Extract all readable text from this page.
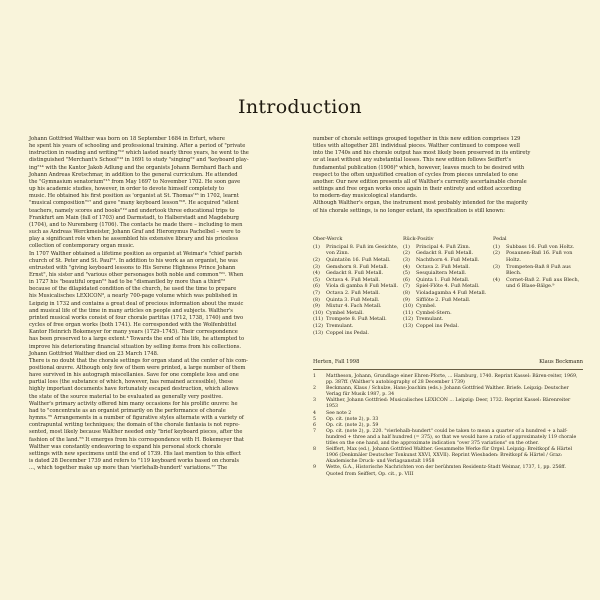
Introduction

Johann Gottfried Walther was born on 18 September 1684 in Erfurt, where

he spent his years of schooling and professional training. After a period of "private

instruction in reading and writing"¹² which lasted nearly three years, he went to the

distinguished "Merchant's School"¹³ in 1691 to study "singing"² and "keyboard play-

ing"¹⁴ with the Kantor Jakob Adlung and the organists Johann Bernhard Bach and

Johann Andreas Kretschmar, in addition to the general curriculum. He attended

the "Gymnasium senatorium"¹⁵ from May 1697 to November 1702. He soon gave

up his academic studies, however, in order to devote himself completely to

music. He obtained his first position as 'organist at St. Thomas'¹⁶ in 1702, learnt

"musical composition"¹⁷ and gave "many keyboard lesson"¹⁸. He acquired "silent

teachers, namely scores and books"¹⁹ and undertook three educational trips to

Frankfurt am Main (fall of 1703) and Darmstadt, to Halberstadt and Magdeburg

(1704), and to Nuremberg (1706). The contacts he made there – including to men

such as Andreas Werckmeister, Johann Graf and Hieronymus Pachelbel – were to

play a significant role when he assembled his extensive library and his priceless

collection of contemporary organ music.

In 1707 Walther obtained a lifetime position as organist at Weimar's "chief parish

church of St. Peter and St. Paul"². In addition to his work as an organist, he was

entrusted with "giving keyboard lessons to His Serene Highness Prince Johann

Ernst", his sister and "various other personages both noble and common"²¹. When

in 1727 his "beautiful organ"² had to be "dismantled by more than a third"²

because of the dilapidated condition of the church, he used the time to prepare

his Musicalisches LEXICON³, a nearly 700-page volume which was published in

Leipzig in 1732 and contains a great deal of precious information about the music

and musical life of the time in many articles on people and subjects. Walther's

printed musical works consist of four chorale partitas (1712, 1738, 1740) and two

cycles of free organ works (both 1741). He corresponded with the Wolfenbüttel

Kantor Heinrich Bokemeyer for many years (1729–1745). Their correspondence

has been preserved to a large extent.⁴ Towards the end of his life, he attempted to

improve his deteriorating financial situation by selling items from his collections.

Johann Gottfried Walther died on 23 March 1748.

There is no doubt that the chorale settings for organ stand at the center of his com-

positional œuvre. Although only few of them were printed, a large number of them

have survived in his autograph miscellanies. Save for one complete loss and one

partial loss (the substance of which, however, has remained accessible), these

highly important documents have fortunately escaped destruction, which allows

the state of the source material to be evaluated as generally very positive.

Walther's primary activity offered him many occasions for his prolific œuvre: he

had to "concentrate as an organist primarily on the performance of chorale

hymns."⁵ Arrangements in a number of figurative styles alternate with a variety of

contrapuntal writing techniques; the domain of the chorale fantasia is not repre-

sented, most likely because Walther needed only "brief keyboard pieces, after the

fashion of the land."⁶ It emerges from his correspondence with H. Bokemeyer that

Walther was constantly endeavoring to expand his personal stock chorale

settings with new specimens until the end of 1739. His last mention to this effect

is dated 28 December 1739 and refers to "119 keyboard works based on chorals

..., which together make up more than 'vierlehalb-hundert' variations."⁷ The

number of chorale settings grouped together in this new edition comprises 129

titles with altogether 281 individual pieces. Walther continued to compose well

into the 1740s and his chorale output has most likely been preserved in its entirety

or at least without any substantial losses. This new edition follows Seiffert's

fundamental publication (1906)⁸ which, however, leaves much to be desired with

respect to the often unjustified creation of cycles from pieces unrelated to one

another. Our new edition presents all of Walther's currently ascertainable chorale

settings and free organ works once again in their entirety and edited according

to modern-day musicological standards.

Although Walther's organ, the instrument most probably intended for the majority

of his chorale settings, is no longer extant, its specification is still known:

Ober-Werck
(1)	Principal 8. Fuß im Gesichte, von Zinn.
(2)	Quintatön 16. Fuß Metall.
(3)	Gemshorn 8. Fuß Metall.
(4)	Gedackt 8. Fuß Metall.
(5)	Octava 4. Fuß Metall.
(6)	Viola di gamba 8 Fuß Metall.
(7)	Octava 2. Fuß Metall.
(8)	Quinta 3. Fuß Metall.
(9)	Mixtur 4. Fach Metall.
(10) Cymbel Metall.
(11) Trompete 8. Fuß Metall.
(12) Tremulant.
(13) Coppel ins Pedal.
Rück-Positiv
(1)	Principal 4. Fuß Zinn.
(2)	Gedackt 8. Fuß Metall.
(3)	Nachthorn 4. Fuß Metall.
(4)	Octava 2. Fuß Metall.
(5)	Sesquialtera Metall.
(6)	Quinta 1. Fuß Metall.
(7)	Spiel-Flöte 4. Fuß Metall.
(8)	Violadagamba 4 Fuß Metall.
(9)	Sifflöte 2. Fuß Metall.
(10) Cymbel.
(11) Cymbel-Stern.
(12) Tremulant.
(13) Coppel ins Pedal.
Pedal
(1)	Subbass 16. Fuß von Holtz.
(2)	Posaunen-Baß 16. Fuß von Holtz.
(3)	Trompeten-Baß 8 Fuß aus Blech.
(4)	Cornet-Baß 2. Fuß aus Blech, und 6 Blase-Bälge.⁹
Herten, Fall 1998	Klaus Beckmann
1	Mattheson, Johann, Grundlage einer Ehren-Pforte, ... Hamburg, 1740. Reprint Kassel: Bären-reiter, 1969, pp. 387ff. (Walther's autobiography of 28 December 1739)
2	Beckmann, Klaus / Schulze, Hans-Joachim (eds.): Johann Gottfried Walther. Briefe. Leipzig: Deutscher Verlag für Musik 1987, p. 34
3	Walther, Johann Gottfried: Musicalisches LEXICON ... Leipzig: Deer, 1732. Reprint Kassel: Bärenreiter 1953
4	See note 2
5	Op. cit. (note 2), p. 33
6	Op. cit. (note 2), p. 59
7	Op. cit. (note 2), p. 220. "vierlehalb-hundert" could be taken to mean a quarter of a hundred + a half-hundred + three and a half hundred (= 375), so that we would have a ratio of approximately 119 chorale titles on the one hand, and the approximate indication "over 375 variations" on the other.
8	Seiffert, Max (ed.), Johann Gottfried Walther. Gesammelte Werke für Orgel. Leipzig: Breitkopf & Härtel 1906 (Denkmäler Deutscher Tonkunst XXVI, XXVII). Reprint Wiesbaden: Breitkopf & Härtel / Graz: Akademische Druck- und Verlagsanstalt 1958
9	Wette, G.A., Historische Nachrichten von der berühmten Residentz-Stadt Weimar, 1737, 1, pp. 256ff. Quoted from Seiffert, Op. cit., p. VIII
